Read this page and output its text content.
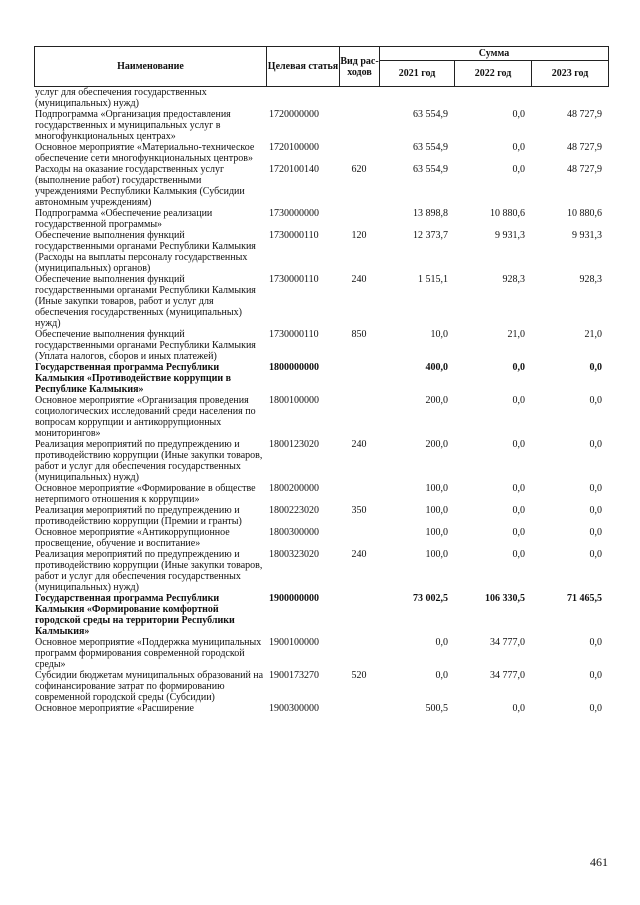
Наименование	Целевая статья	Вид рас-ходов	Сумма		
			2021 год	2022 год	2023 год
услуг для обеспечения государственных (муниципальных) нужд)					
Подпрограмма «Организация предоставления государственных и муниципальных услуг в многофункциональных центрах»	1720000000		63 554,9	0,0	48 727,9
Основное мероприятие «Материально-техническое обеспечение сети многофункциональных центров»	1720100000		63 554,9	0,0	48 727,9
Расходы на оказание государственных услуг (выполнение работ) государственными учреждениями Республики Калмыкия (Субсидии автономным учреждениям)	1720100140	620	63 554,9	0,0	48 727,9
Подпрограмма «Обеспечение реализации государственной программы»	1730000000		13 898,8	10 880,6	10 880,6
Обеспечение выполнения функций государственными органами Республики Калмыкия (Расходы на выплаты персоналу государственных (муниципальных) органов)	1730000110	120	12 373,7	9 931,3	9 931,3
Обеспечение выполнения функций государственными органами Республики Калмыкия (Иные закупки товаров, работ и услуг для обеспечения государственных (муниципальных) нужд)	1730000110	240	1 515,1	928,3	928,3
Обеспечение выполнения функций государственными органами Республики Калмыкия (Уплата налогов, сборов и иных платежей)	1730000110	850	10,0	21,0	21,0
Государственная программа Республики Калмыкия «Противодействие коррупции в Республике Калмыкия»	1800000000		400,0	0,0	0,0
Основное мероприятие «Организация проведения социологических исследований среди населения по вопросам коррупции и антикоррупционных мониторингов»	1800100000		200,0	0,0	0,0
Реализация мероприятий по предупреждению и противодействию коррупции (Иные закупки товаров, работ и услуг для обеспечения государственных (муниципальных) нужд)	1800123020	240	200,0	0,0	0,0
Основное мероприятие «Формирование в обществе нетерпимого отношения к коррупции»	1800200000		100,0	0,0	0,0
Реализация мероприятий по предупреждению и противодействию коррупции (Премии и гранты)	1800223020	350	100,0	0,0	0,0
Основное мероприятие «Антикоррупционное просвещение, обучение и воспитание»	1800300000		100,0	0,0	0,0
Реализация мероприятий по предупреждению и противодействию коррупции (Иные закупки товаров, работ и услуг для обеспечения государственных (муниципальных) нужд)	1800323020	240	100,0	0,0	0,0
Государственная программа Республики Калмыкия «Формирование комфортной городской среды на территории Республики Калмыкия»	1900000000		73 002,5	106 330,5	71 465,5
Основное мероприятие «Поддержка муниципальных программ формирования современной городской среды»	1900100000		0,0	34 777,0	0,0
Субсидии бюджетам муниципальных образований на софинансирование затрат по формированию современной городской среды (Субсидии)	1900173270	520	0,0	34 777,0	0,0
Основное мероприятие «Расширение	1900300000		500,5	0,0	0,0
461
